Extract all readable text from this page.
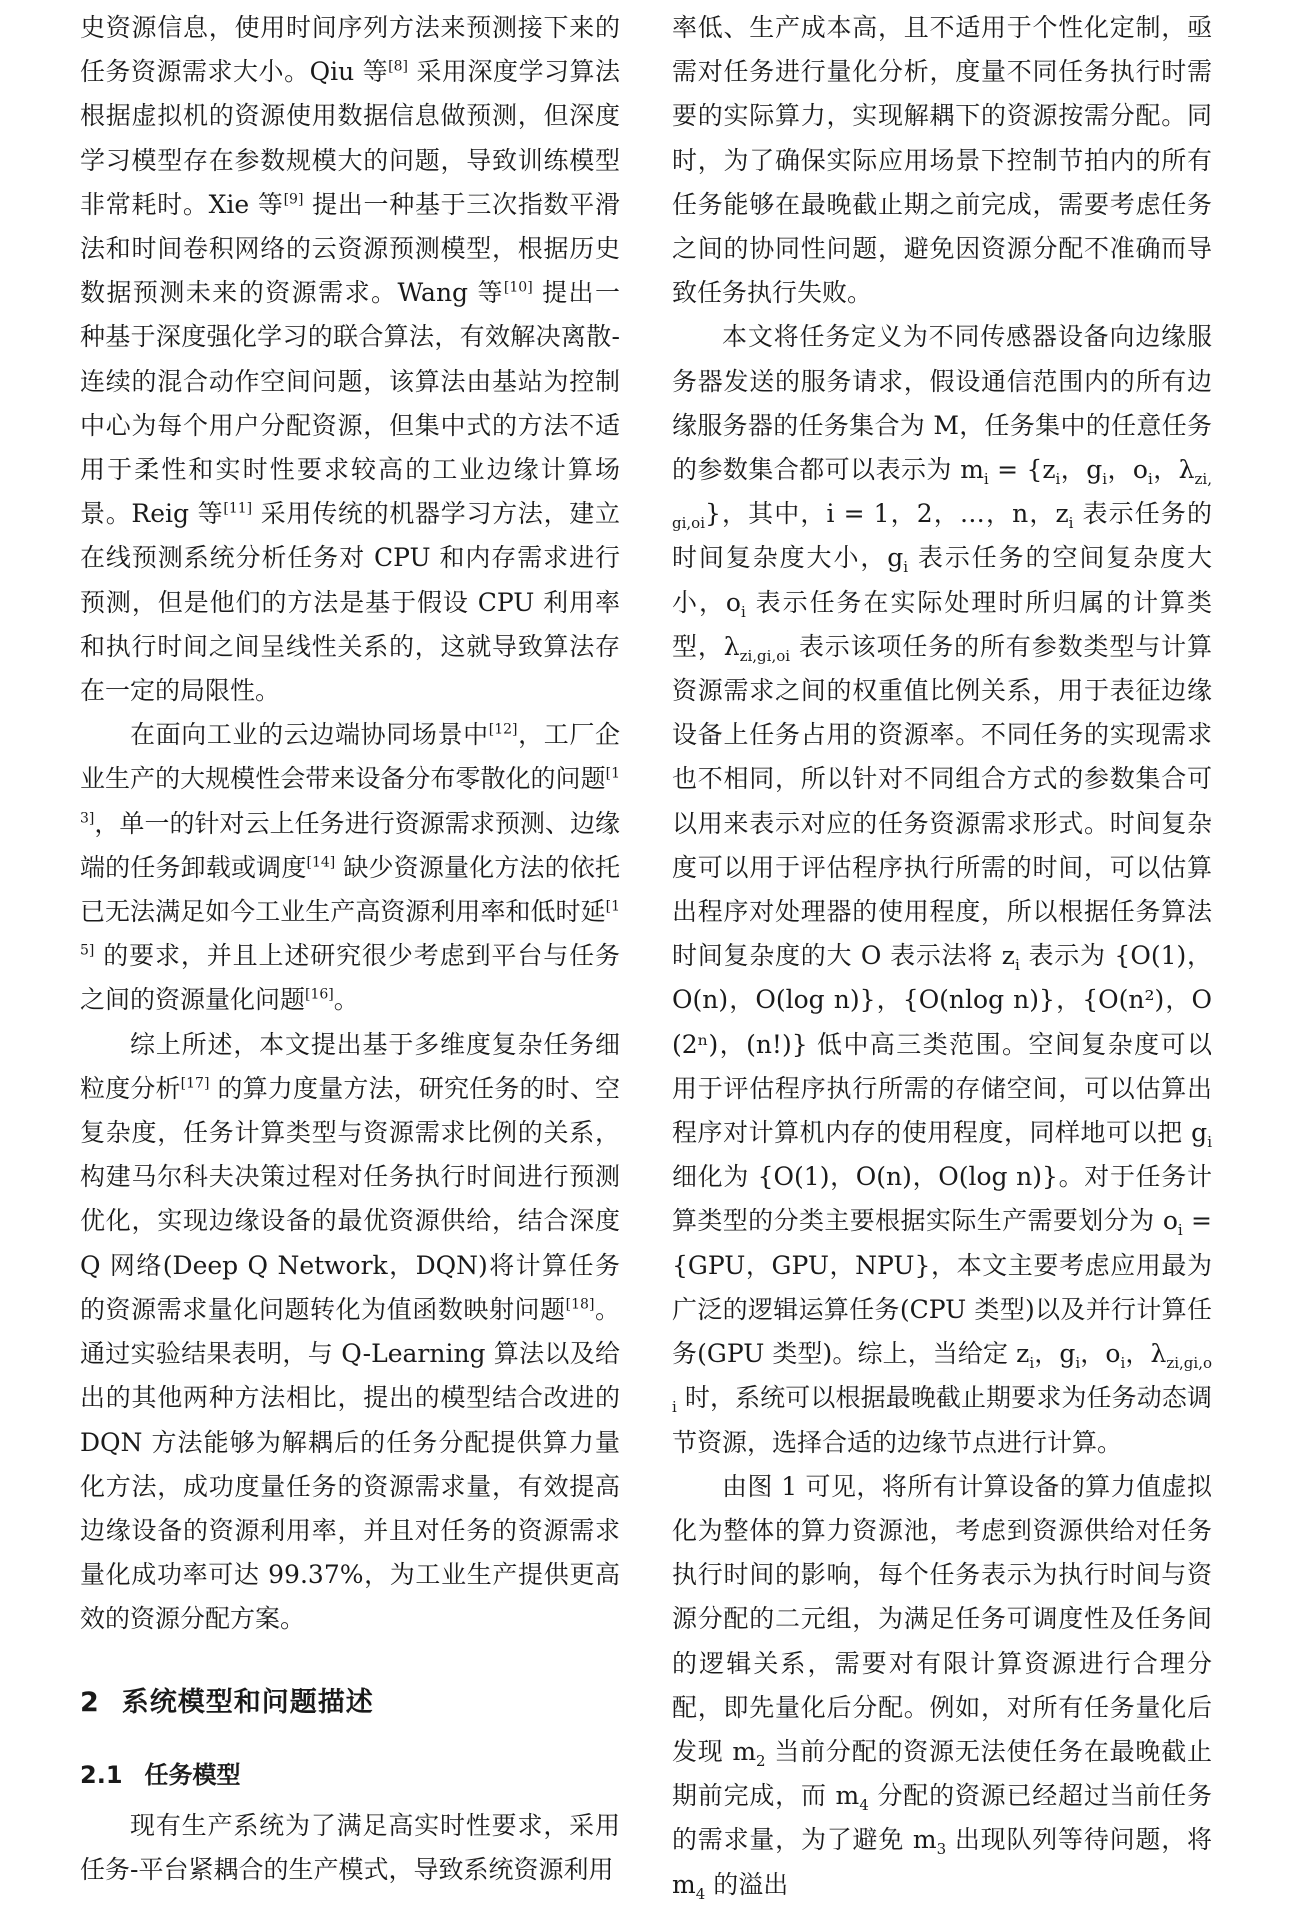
史资源信息，使用时间序列方法来预测接下来的任务资源需求大小。Qiu 等[8] 采用深度学习算法根据虚拟机的资源使用数据信息做预测，但深度学习模型存在参数规模大的问题，导致训练模型非常耗时。Xie 等[9] 提出一种基于三次指数平滑法和时间卷积网络的云资源预测模型，根据历史数据预测未来的资源需求。Wang 等[10] 提出一种基于深度强化学习的联合算法，有效解决离散-连续的混合动作空间问题，该算法由基站为控制中心为每个用户分配资源，但集中式的方法不适用于柔性和实时性要求较高的工业边缘计算场景。Reig 等[11] 采用传统的机器学习方法，建立在线预测系统分析任务对 CPU 和内存需求进行预测，但是他们的方法是基于假设 CPU 利用率和执行时间之间呈线性关系的，这就导致算法存在一定的局限性。

在面向工业的云边端协同场景中[12]，工厂企业生产的大规模性会带来设备分布零散化的问题[13]，单一的针对云上任务进行资源需求预测、边缘端的任务卸载或调度[14] 缺少资源量化方法的依托已无法满足如今工业生产高资源利用率和低时延[15] 的要求，并且上述研究很少考虑到平台与任务之间的资源量化问题[16]。

综上所述，本文提出基于多维度复杂任务细粒度分析[17] 的算力度量方法，研究任务的时、空复杂度，任务计算类型与资源需求比例的关系，构建马尔科夫决策过程对任务执行时间进行预测优化，实现边缘设备的最优资源供给，结合深度 Q 网络(Deep Q Network，DQN)将计算任务的资源需求量化问题转化为值函数映射问题[18]。通过实验结果表明，与 Q-Learning 算法以及给出的其他两种方法相比，提出的模型结合改进的 DQN 方法能够为解耦后的任务分配提供算力量化方法，成功度量任务的资源需求量，有效提高边缘设备的资源利用率，并且对任务的资源需求量化成功率可达 99.37%，为工业生产提供更高效的资源分配方案。

2 系统模型和问题描述
2.1 任务模型

现有生产系统为了满足高实时性要求，采用任务-平台紧耦合的生产模式，导致系统资源利用

率低、生产成本高，且不适用于个性化定制，亟需对任务进行量化分析，度量不同任务执行时需要的实际算力，实现解耦下的资源按需分配。同时，为了确保实际应用场景下控制节拍内的所有任务能够在最晚截止期之前完成，需要考虑任务之间的协同性问题，避免因资源分配不准确而导致任务执行失败。

本文将任务定义为不同传感器设备向边缘服务器发送的服务请求，假设通信范围内的所有边缘服务器的任务集合为 M，任务集中的任意任务的参数集合都可以表示为 $m_i = \{z_i$，$g_i$，$o_i$，$\lambda_{zi,gi,oi}$}，其中，i = 1，2，…，n，$z_i$ 表示任务的时间复杂度大小，$g_i$ 表示任务的空间复杂度大小，$o_i$ 表示任务在实际处理时所归属的计算类型，$\lambda_{zi,gi,oi}$ 表示该项任务的所有参数类型与计算资源需求之间的权重值比例关系，用于表征边缘设备上任务占用的资源率。不同任务的实现需求也不相同，所以针对不同组合方式的参数集合可以用来表示对应的任务资源需求形式。时间复杂度可以用于评估程序执行所需的时间，可以估算出程序对处理器的使用程度，所以根据任务算法时间复杂度的大 O 表示法将 $z_i$ 表示为 {O(1)，O(n)，O(log n)}，{O(nlog n)}，{O(n²)，O(2ⁿ)，(n!)} 低中高三类范围。空间复杂度可以用于评估程序执行所需的存储空间，可以估算出程序对计算机内存的使用程度，同样地可以把 $g_i$ 细化为 {O(1)，O(n)，O(log n)}。对于任务计算类型的分类主要根据实际生产需要划分为 $o_i = \{GPU$，GPU，NPU}，本文主要考虑应用最为广泛的逻辑运算任务(CPU 类型)以及并行计算任务(GPU 类型)。综上，当给定 $z_i$，$g_i$，$o_i$，$\lambda_{zi,gi,oi}$ 时，系统可以根据最晚截止期要求为任务动态调节资源，选择合适的边缘节点进行计算。

由图 1 可见，将所有计算设备的算力值虚拟化为整体的算力资源池，考虑到资源供给对任务执行时间的影响，每个任务表示为执行时间与资源分配的二元组，为满足任务可调度性及任务间的逻辑关系，需要对有限计算资源进行合理分配，即先量化后分配。例如，对所有任务量化后发现 $m_2$ 当前分配的资源无法使任务在最晚截止期前完成，而 $m_4$ 分配的资源已经超过当前任务的需求量，为了避免 $m_3$ 出现队列等待问题，将 $m_4$ 的溢出
